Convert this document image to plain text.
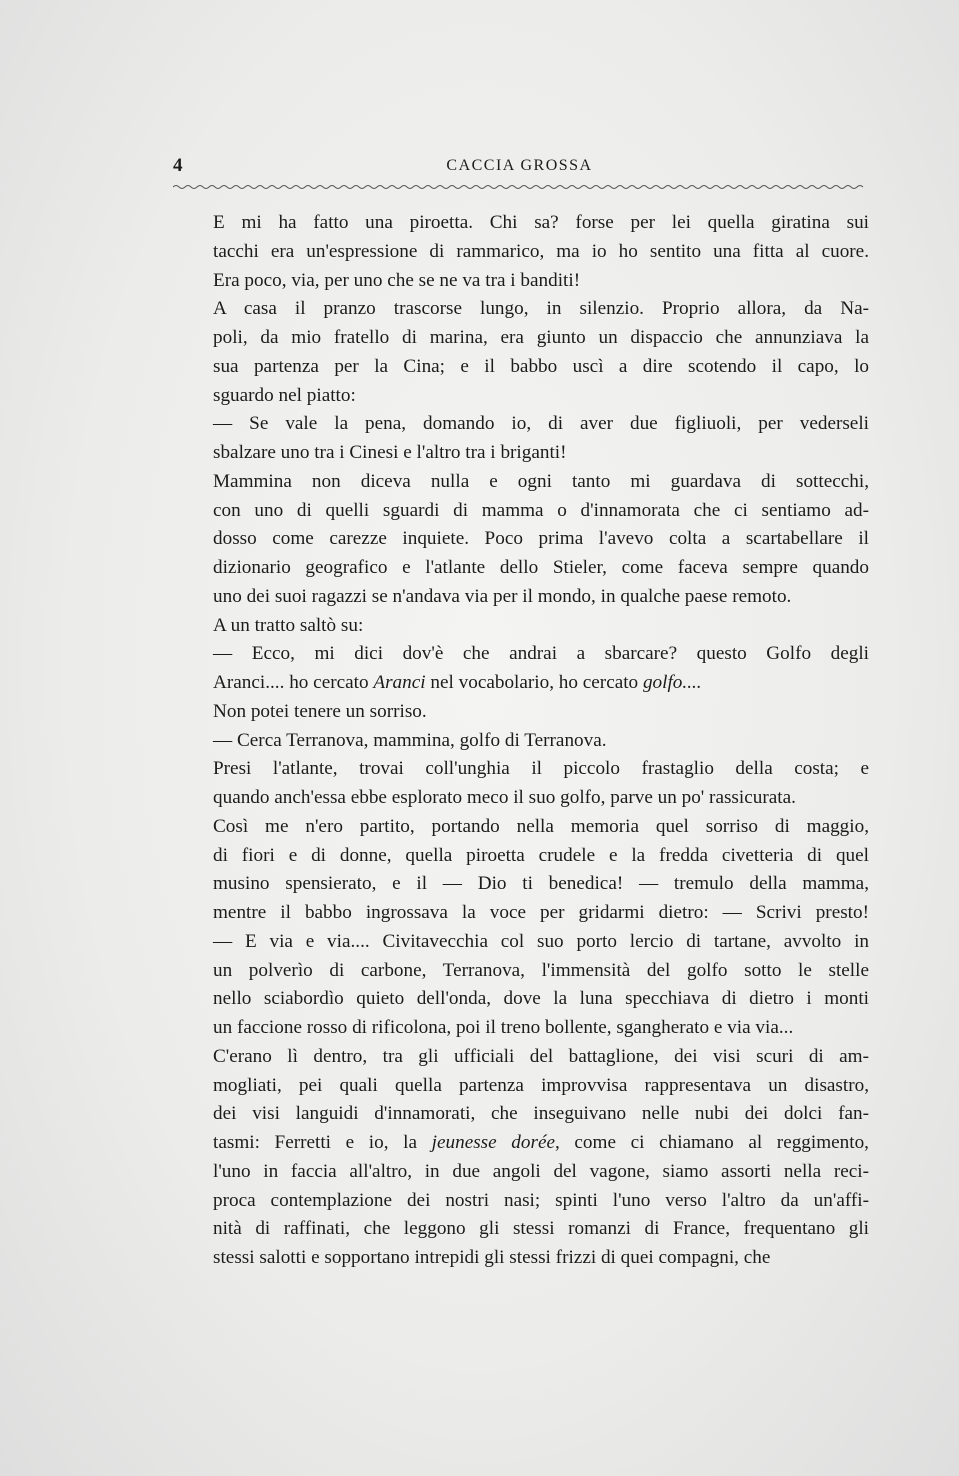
4	CACCIA GROSSA

E mi ha fatto una piroetta. Chi sa? forse per lei quella giratina sui
tacchi era un'espressione di rammarico, ma io ho sentito una fitta al cuore.
Era poco, via, per uno che se ne va tra i banditi!

A casa il pranzo trascorse lungo, in silenzio. Proprio allora, da Na-
poli, da mio fratello di marina, era giunto un dispaccio che annunziava la
sua partenza per la Cina; e il babbo uscì a dire scotendo il capo, lo
sguardo nel piatto:

— Se vale la pena, domando io, di aver due figliuoli, per vederseli
sbalzare uno tra i Cinesi e l'altro tra i briganti!

Mammina non diceva nulla e ogni tanto mi guardava di sottecchi,
con uno di quelli sguardi di mamma o d'innamorata che ci sentiamo ad-
dosso come carezze inquiete. Poco prima l'avevo colta a scartabellare il
dizionario geografico e l'atlante dello Stieler, come faceva sempre quando
uno dei suoi ragazzi se n'andava via per il mondo, in qualche paese remoto.

A un tratto saltò su:

— Ecco, mi dici dov'è che andrai a sbarcare? questo Golfo degli
Aranci.... ho cercato Aranci nel vocabolario, ho cercato golfo....

Non potei tenere un sorriso.

— Cerca Terranova, mammina, golfo di Terranova.

Presi l'atlante, trovai coll'unghia il piccolo frastaglio della costa; e
quando anch'essa ebbe esplorato meco il suo golfo, parve un po' rassicurata.

Così me n'ero partito, portando nella memoria quel sorriso di maggio,
di fiori e di donne, quella piroetta crudele e la fredda civetteria di quel
musino spensierato, e il — Dio ti benedica! — tremulo della mamma,
mentre il babbo ingrossava la voce per gridarmi dietro: — Scrivi presto!
— E via e via.... Civitavecchia col suo porto lercio di tartane, avvolto in
un polverìo di carbone, Terranova, l'immensità del golfo sotto le stelle
nello sciabordìo quieto dell'onda, dove la luna specchiava di dietro i monti
un faccione rosso di rificolona, poi il treno bollente, sgangherato e via via...

C'erano lì dentro, tra gli ufficiali del battaglione, dei visi scuri di am-
mogliati, pei quali quella partenza improvvisa rappresentava un disastro,
dei visi languidi d'innamorati, che inseguivano nelle nubi dei dolci fan-
tasmi: Ferretti e io, la jeunesse dorée, come ci chiamano al reggimento,
l'uno in faccia all'altro, in due angoli del vagone, siamo assorti nella reci-
proca contemplazione dei nostri nasi; spinti l'uno verso l'altro da un'affi-
nità di raffinati, che leggono gli stessi romanzi di France, frequentano gli
stessi salotti e sopportano intrepidi gli stessi frizzi di quei compagni, che
